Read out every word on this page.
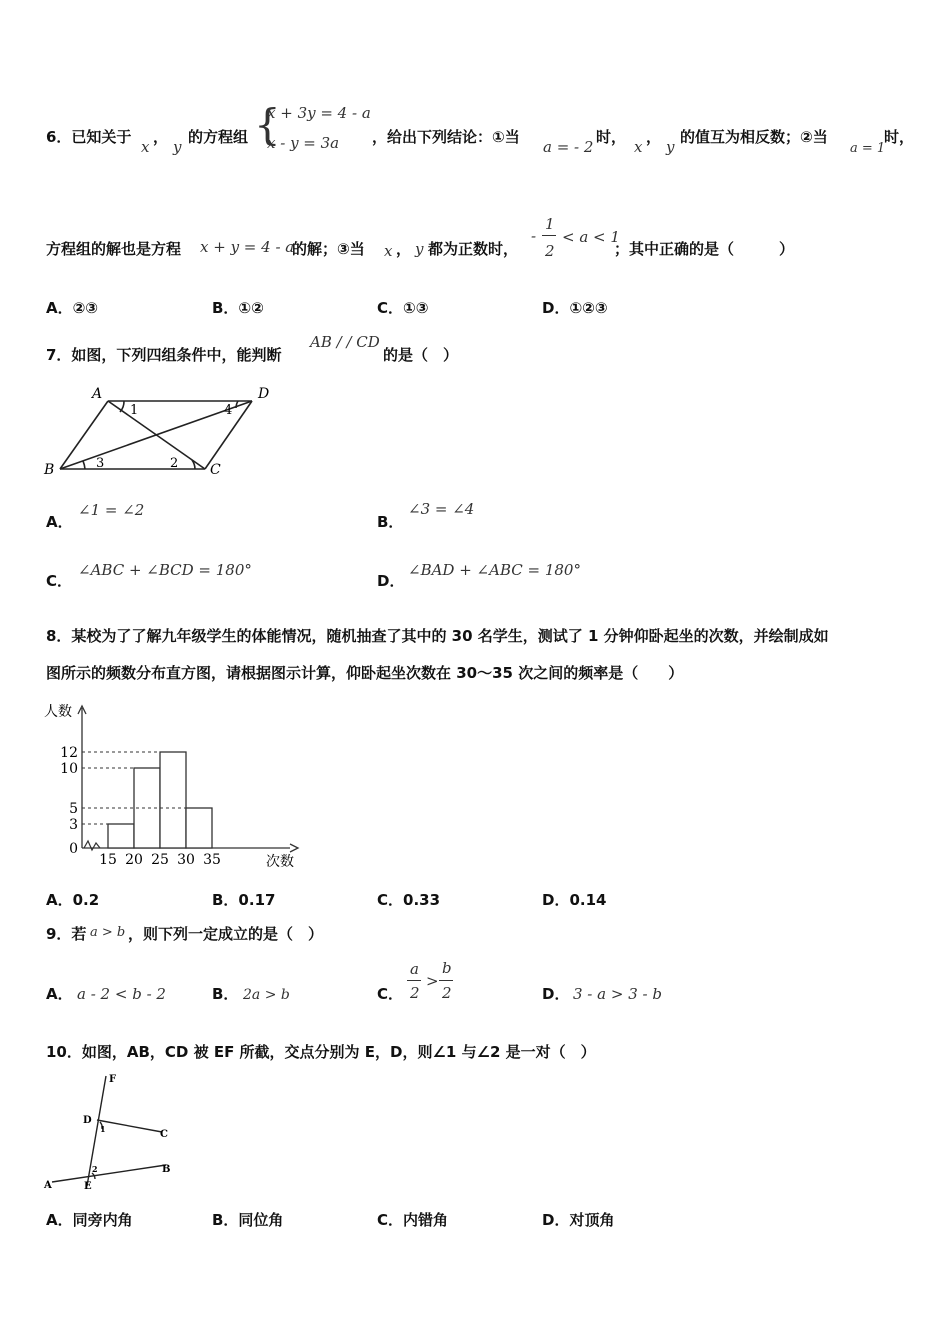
6．已知关于
x
，
y
的方程组 {
x + 3y = 4 - a
x - y = 3a ，给出下列结论：①当
a = - 2
时，
x
，
y
的值互为相反数；②当
a = 1
时，
方程组的解也是方程 x + y = 4 - a
的解；③当 x ， y 都为正数时，
-
1
2
< a < 1
；其中正确的是（　　　）
A．②③	B．①②	C．①③	D．①②③
7．如图，下列四组条件中，能判断
AB / / CD
的是（　）
A	D
B	C
1	4
3	2
A．
∠1 = ∠2
B．
∠3 = ∠4
C．
∠ABC + ∠BCD = 180°
D．
∠BAD + ∠ABC = 180°
8．某校为了了解九年级学生的体能情况，随机抽查了其中的 30 名学生，测试了 1 分钟仰卧起坐的次数，并绘制成如
图所示的频数分布直方图，请根据图示计算，仰卧起坐次数在 30～35 次之间的频率是（　　）
人数
次数
0
3
5
10
12
15 20 25 30 35
A．0.2	B．0.17	C．0.33	D．0.14
9．若 a > b ，则下列一定成立的是（　）
A． a - 2 < b - 2	B． 2a > b	C．
a
2
>
b
2	D． 3 - a > 3 - b
10．如图，AB，CD 被 EF 所截，交点分别为 E，D，则∠1 与∠2 是一对（　）
F
D
C
E
A
B
1
2
A．同旁内角	B．同位角	C．内错角	D．对顶角
